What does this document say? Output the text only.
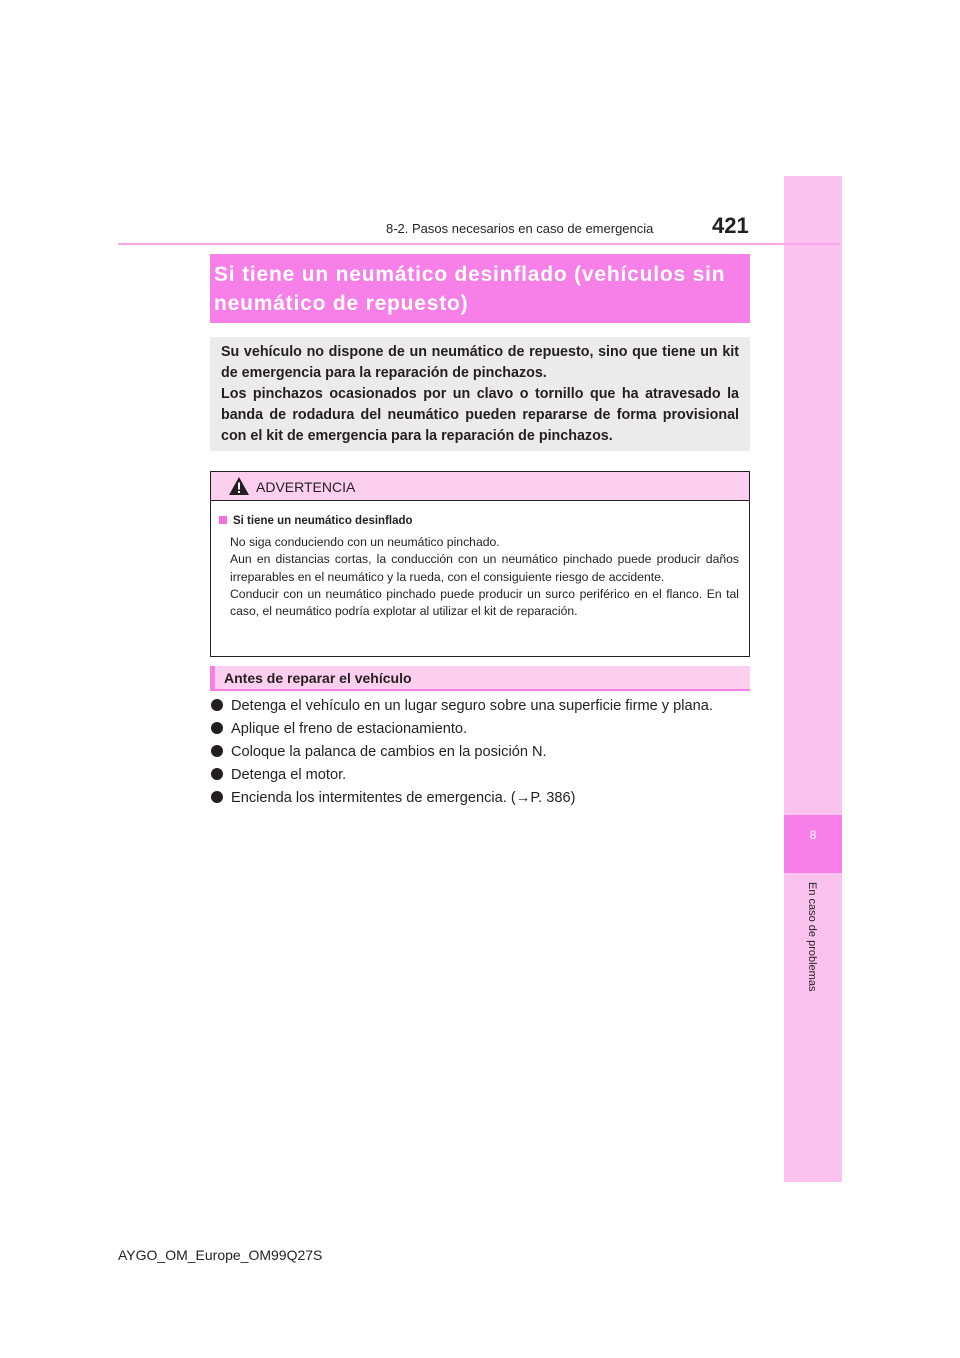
8
En caso de problemas
8-2. Pasos necesarios en caso de emergencia	421
Si tiene un neumático desinflado (vehículos sin neumático de repuesto)

Su vehículo no dispone de un neumático de repuesto, sino que tiene un kit de emergencia para la reparación de pinchazos.

Los pinchazos ocasionados por un clavo o tornillo que ha atravesado la banda de rodadura del neumático pueden repararse de forma provisional con el kit de emergencia para la reparación de pinchazos.

ADVERTENCIA
Si tiene un neumático desinflado

No siga conduciendo con un neumático pinchado.

Aun en distancias cortas, la conducción con un neumático pinchado puede producir daños irreparables en el neumático y la rueda, con el consiguiente riesgo de accidente.

Conducir con un neumático pinchado puede producir un surco periférico en el flanco. En tal caso, el neumático podría explotar al utilizar el kit de reparación.

Antes de reparar el vehículo
Detenga el vehículo en un lugar seguro sobre una superficie firme y plana.
Aplique el freno de estacionamiento.
Coloque la palanca de cambios en la posición N.
Detenga el motor.
Encienda los intermitentes de emergencia. (→P. 386)
AYGO_OM_Europe_OM99Q27S
